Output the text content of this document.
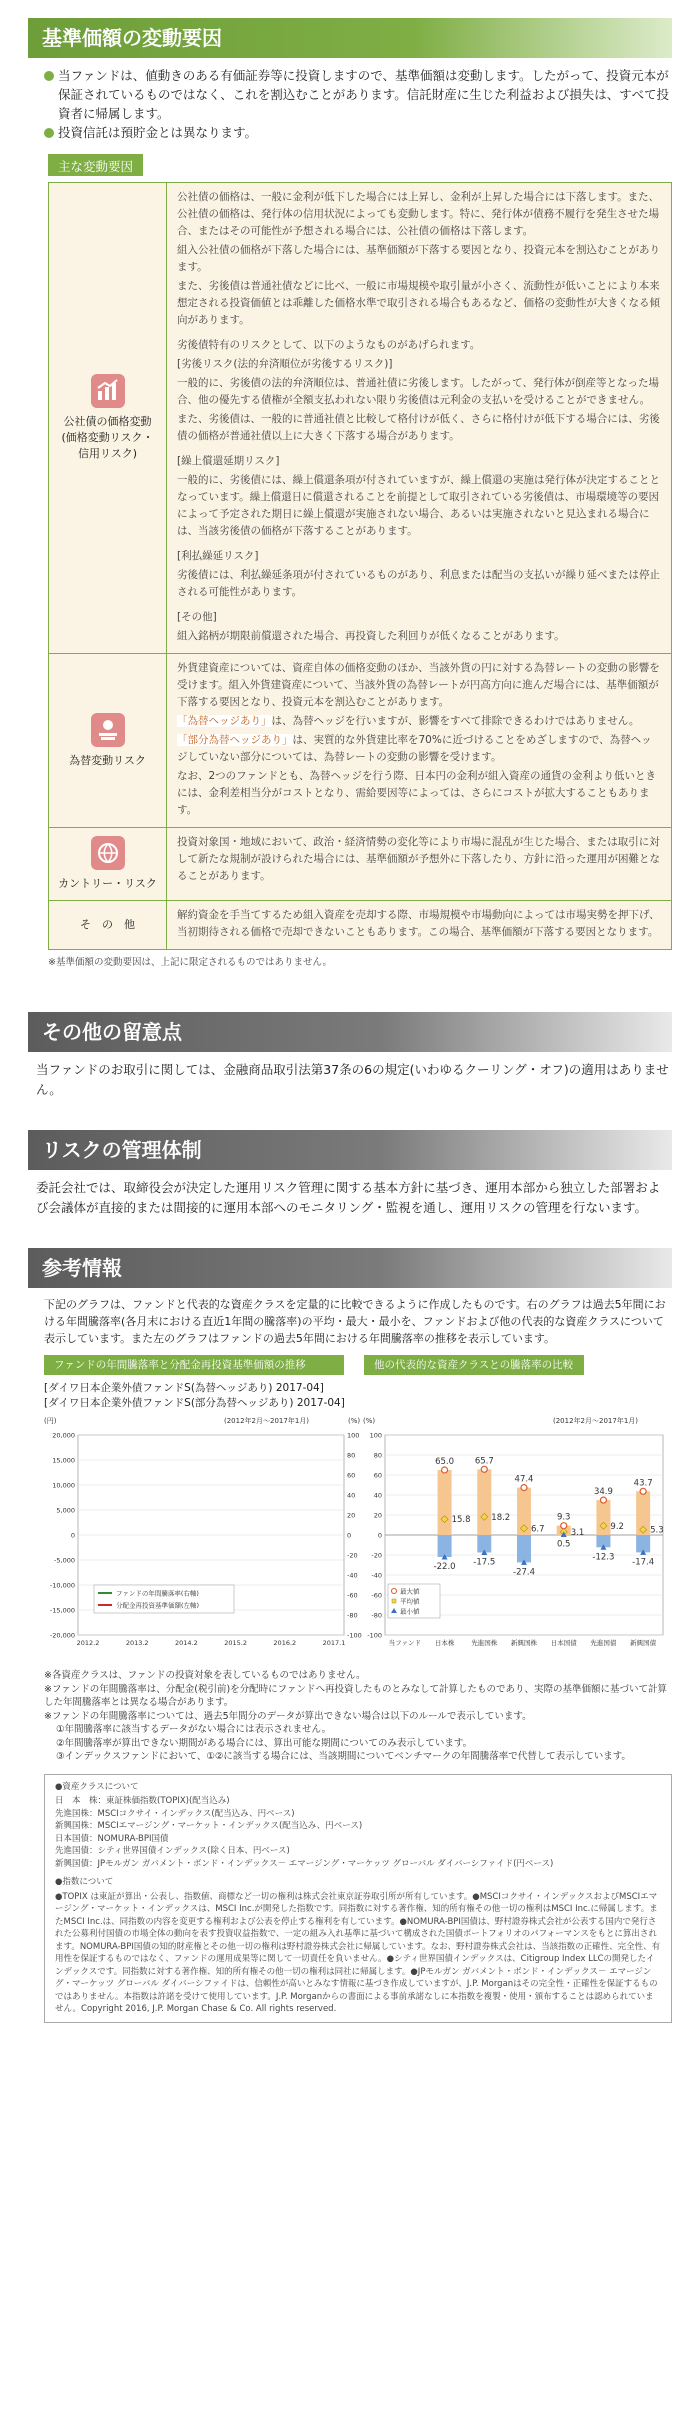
基準価額の変動要因
当ファンドは、値動きのある有価証券等に投資しますので、基準価額は変動します。したがって、投資元本が保証されているものではなく、これを割込むことがあります。信託財産に生じた利益および損失は、すべて投資者に帰属します。
投資信託は預貯金とは異なります。
主な変動要因
公社債の価格変動
(価格変動リスク・
信用リスク)

公社債の価格は、一般に金利が低下した場合には上昇し、金利が上昇した場合には下落します。また、公社債の価格は、発行体の信用状況によっても変動します。特に、発行体が債務不履行を発生させた場合、またはその可能性が予想される場合には、公社債の価格は下落します。

組入公社債の価格が下落した場合には、基準価額が下落する要因となり、投資元本を割込むことがあります。

また、劣後債は普通社債などに比べ、一般に市場規模や取引量が小さく、流動性が低いことにより本来想定される投資価値とは乖離した価格水準で取引される場合もあるなど、価格の変動性が大きくなる傾向があります。

劣後債特有のリスクとして、以下のようなものがあげられます。

[劣後リスク(法的弁済順位が劣後するリスク)]

一般的に、劣後債の法的弁済順位は、普通社債に劣後します。したがって、発行体が倒産等となった場合、他の優先する債権が全額支払われない限り劣後債は元利金の支払いを受けることができません。

また、劣後債は、一般的に普通社債と比較して格付けが低く、さらに格付けが低下する場合には、劣後債の価格が普通社債以上に大きく下落する場合があります。

[繰上償還延期リスク]

一般的に、劣後債には、繰上償還条項が付されていますが、繰上償還の実施は発行体が決定することとなっています。繰上償還日に償還されることを前提として取引されている劣後債は、市場環境等の要因によって予定された期日に繰上償還が実施されない場合、あるいは実施されないと見込まれる場合には、当該劣後債の価格が下落することがあります。

[利払繰延リスク]

劣後債には、利払繰延条項が付されているものがあり、利息または配当の支払いが繰り延べまたは停止される可能性があります。

[その他]

組入銘柄が期限前償還された場合、再投資した利回りが低くなることがあります。

為替変動リスク

外貨建資産については、資産自体の価格変動のほか、当該外貨の円に対する為替レートの変動の影響を受けます。組入外貨建資産について、当該外貨の為替レートが円高方向に進んだ場合には、基準価額が下落する要因となり、投資元本を割込むことがあります。

「為替ヘッジあり」は、為替ヘッジを行いますが、影響をすべて排除できるわけではありません。

「部分為替ヘッジあり」は、実質的な外貨建比率を70%に近づけることをめざしますので、為替ヘッジしていない部分については、為替レートの変動の影響を受けます。

なお、2つのファンドとも、為替ヘッジを行う際、日本円の金利が組入資産の通貨の金利より低いときには、金利差相当分がコストとなり、需給要因等によっては、さらにコストが拡大することもあります。

カントリー・リスク

投資対象国・地域において、政治・経済情勢の変化等により市場に混乱が生じた場合、または取引に対して新たな規制が設けられた場合には、基準価額が予想外に下落したり、方針に沿った運用が困難となることがあります。

そ　の　他

解約資金を手当てするため組入資産を売却する際、市場規模や市場動向によっては市場実勢を押下げ、当初期待される価格で売却できないこともあります。この場合、基準価額が下落する要因となります。

※基準価額の変動要因は、上記に限定されるものではありません。
その他の留意点
当ファンドのお取引に関しては、金融商品取引法第37条の6の規定(いわゆるクーリング・オフ)の適用はありません。
リスクの管理体制
委託会社では、取締役会が決定した運用リスク管理に関する基本方針に基づき、運用本部から独立した部署および会議体が直接的または間接的に運用本部へのモニタリング・監視を通し、運用リスクの管理を行ないます。
参考情報
下記のグラフは、ファンドと代表的な資産クラスを定量的に比較できるように作成したものです。右のグラフは過去5年間における年間騰落率(各月末における直近1年間の騰落率)の平均・最大・最小を、ファンドおよび他の代表的な資産クラスについて表示しています。また左のグラフはファンドの過去5年間における年間騰落率の推移を表示しています。
ファンドの年間騰落率と分配金再投資基準価額の推移	他の代表的な資産クラスとの騰落率の比較
[ダイワ日本企業外債ファンドS(為替ヘッジあり) 2017-04]
[ダイワ日本企業外債ファンドS(部分為替ヘッジあり) 2017-04]
(円)	(%)
(2012年2月～2017年1月)
20,000
15,000
10,000
5,000
0
-5,000
-10,000
-15,000
-20,000
100
80
60
40
20
0
-20
-40
-60
-80
-100
2012.2	2013.2	2014.2	2015.2	2016.2	2017.1
ファンドの年間騰落率(右軸)
分配金再投資基準価額(左軸)
(%)	(2012年2月～2017年1月)
100
80
60
40
20
0
-20
-40
-60
-80
-100
当ファンド 日本株
65.0
15.8
-22.0
先進国株
65.7
18.2
-17.5
新興国株
47.4
6.7
-27.4
日本国債
9.3
3.1
0.5
先進国債
34.9
9.2
-12.3
新興国債
43.7
5.3
-17.4
最大値
平均値
最小値

※各資産クラスは、ファンドの投資対象を表しているものではありません。

※ファンドの年間騰落率は、分配金(税引前)を分配時にファンドへ再投資したものとみなして計算したものであり、実際の基準価額に基づいて計算した年間騰落率とは異なる場合があります。

※ファンドの年間騰落率については、過去5年間分のデータが算出できない場合は以下のルールで表示しています。

①年間騰落率に該当するデータがない場合には表示されません。

②年間騰落率が算出できない期間がある場合には、算出可能な期間についてのみ表示しています。

③インデックスファンドにおいて、①②に該当する場合には、当該期間についてベンチマークの年間騰落率で代替して表示しています。

●資産クラスについて
日　本　株：東証株価指数(TOPIX)(配当込み)
先進国株：MSCIコクサイ・インデックス(配当込み、円ベース)
新興国株：MSCIエマージング・マーケット・インデックス(配当込み、円ベース)
日本国債：NOMURA-BPI国債
先進国債：シティ世界国債インデックス(除く日本、円ベース)
新興国債：JPモルガン ガバメント・ボンド・インデックス－ エマージング・マーケッツ グローバル ダイバーシファイド(円ベース)
●指数について
●TOPIX は東証が算出・公表し、指数値、商標など一切の権利は株式会社東京証券取引所が所有しています。●MSCIコクサイ・インデックスおよびMSCIエマージング・マーケット・インデックスは、MSCI Inc.が開発した指数です。同指数に対する著作権、知的所有権その他一切の権利はMSCI Inc.に帰属します。またMSCI Inc.は、同指数の内容を変更する権利および公表を停止する権利を有しています。●NOMURA-BPI国債は、野村證券株式会社が公表する国内で発行された公募利付国債の市場全体の動向を表す投資収益指数で、一定の組み入れ基準に基づいて構成された国債ポートフォリオのパフォーマンスをもとに算出されます。NOMURA-BPI国債の知的財産権とその他一切の権利は野村證券株式会社に帰属しています。なお、野村證券株式会社は、当該指数の正確性、完全性、有用性を保証するものではなく、ファンドの運用成果等に関して一切責任を負いません。●シティ世界国債インデックスは、Citigroup Index LLCの開発したインデックスです。同指数に対する著作権、知的所有権その他一切の権利は同社に帰属します。●JPモルガン ガバメント・ボンド・インデックス－ エマージング・マーケッツ グローバル ダイバーシファイドは、信頼性が高いとみなす情報に基づき作成していますが、J.P. Morganはその完全性・正確性を保証するものではありません。本指数は許諾を受けて使用しています。J.P. Morganからの書面による事前承諾なしに本指数を複製・使用・頒布することは認められていません。Copyright 2016, J.P. Morgan Chase & Co. All rights reserved.
